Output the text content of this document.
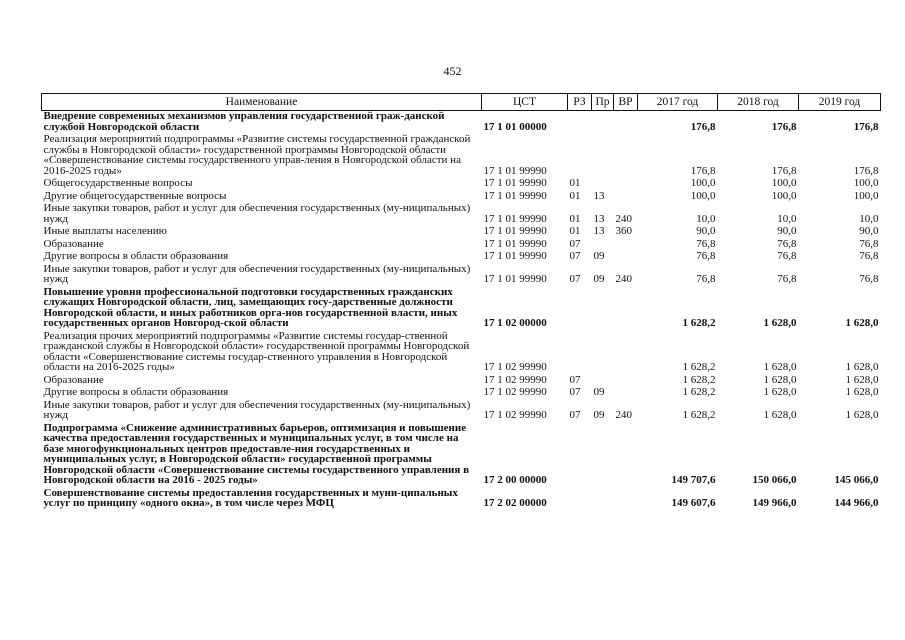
452
Наименование	ЦСТ	РЗ	Пр	ВР	2017 год	2018 год	2019 год
Внедрение современных механизмов управления государственной граж-данской службой Новгородской области	17 1 01 00000				176,8	176,8	176,8
Реализация мероприятий подпрограммы «Развитие системы государственной гражданской службы в Новгородской области» государственной программы Новгородской области «Совершенствование системы государственного управ-ления в Новгородской области на 2016-2025 годы»	17 1 01 99990				176,8	176,8	176,8
Общегосударственные вопросы	17 1 01 99990	01			100,0	100,0	100,0
Другие общегосударственные вопросы	17 1 01 99990	01	13		100,0	100,0	100,0
Иные закупки товаров, работ и услуг для обеспечения государственных (му-ниципальных) нужд	17 1 01 99990	01	13	240	10,0	10,0	10,0
Иные выплаты населению	17 1 01 99990	01	13	360	90,0	90,0	90,0
Образование	17 1 01 99990	07			76,8	76,8	76,8
Другие вопросы в области образования	17 1 01 99990	07	09		76,8	76,8	76,8
Иные закупки товаров, работ и услуг для обеспечения государственных (му-ниципальных) нужд	17 1 01 99990	07	09	240	76,8	76,8	76,8
Повышение уровня профессиональной подготовки государственных гражданских служащих Новгородской области, лиц, замещающих госу-дарственные должности Новгородской области, и иных работников орга-нов государственной власти, иных государственных органов Новгород-ской области	17 1 02 00000				1 628,2	1 628,0	1 628,0
Реализация прочих мероприятий подпрограммы «Развитие системы государ-ственной гражданской службы в Новгородской области» государственной программы Новгородской области «Совершенствование системы государ-ственного управления в Новгородской области на 2016-2025 годы»	17 1 02 99990				1 628,2	1 628,0	1 628,0
Образование	17 1 02 99990	07			1 628,2	1 628,0	1 628,0
Другие вопросы в области образования	17 1 02 99990	07	09		1 628,2	1 628,0	1 628,0
Иные закупки товаров, работ и услуг для обеспечения государственных (му-ниципальных) нужд	17 1 02 99990	07	09	240	1 628,2	1 628,0	1 628,0
Подпрограмма «Снижение административных барьеров, оптимизация и повышение качества предоставления государственных и муниципальных услуг, в том числе на базе многофункциональных центров предоставле-ния государственных и муниципальных услуг, в Новгородской области» государственной программы Новгородской области «Совершенствование системы государственного управления в Новгородской области на 2016 - 2025 годы»	17 2 00 00000				149 707,6	150 066,0	145 066,0
Совершенствование системы предоставления государственных и муни-ципальных услуг по принципу «одного окна», в том числе через МФЦ	17 2 02 00000				149 607,6	149 966,0	144 966,0
